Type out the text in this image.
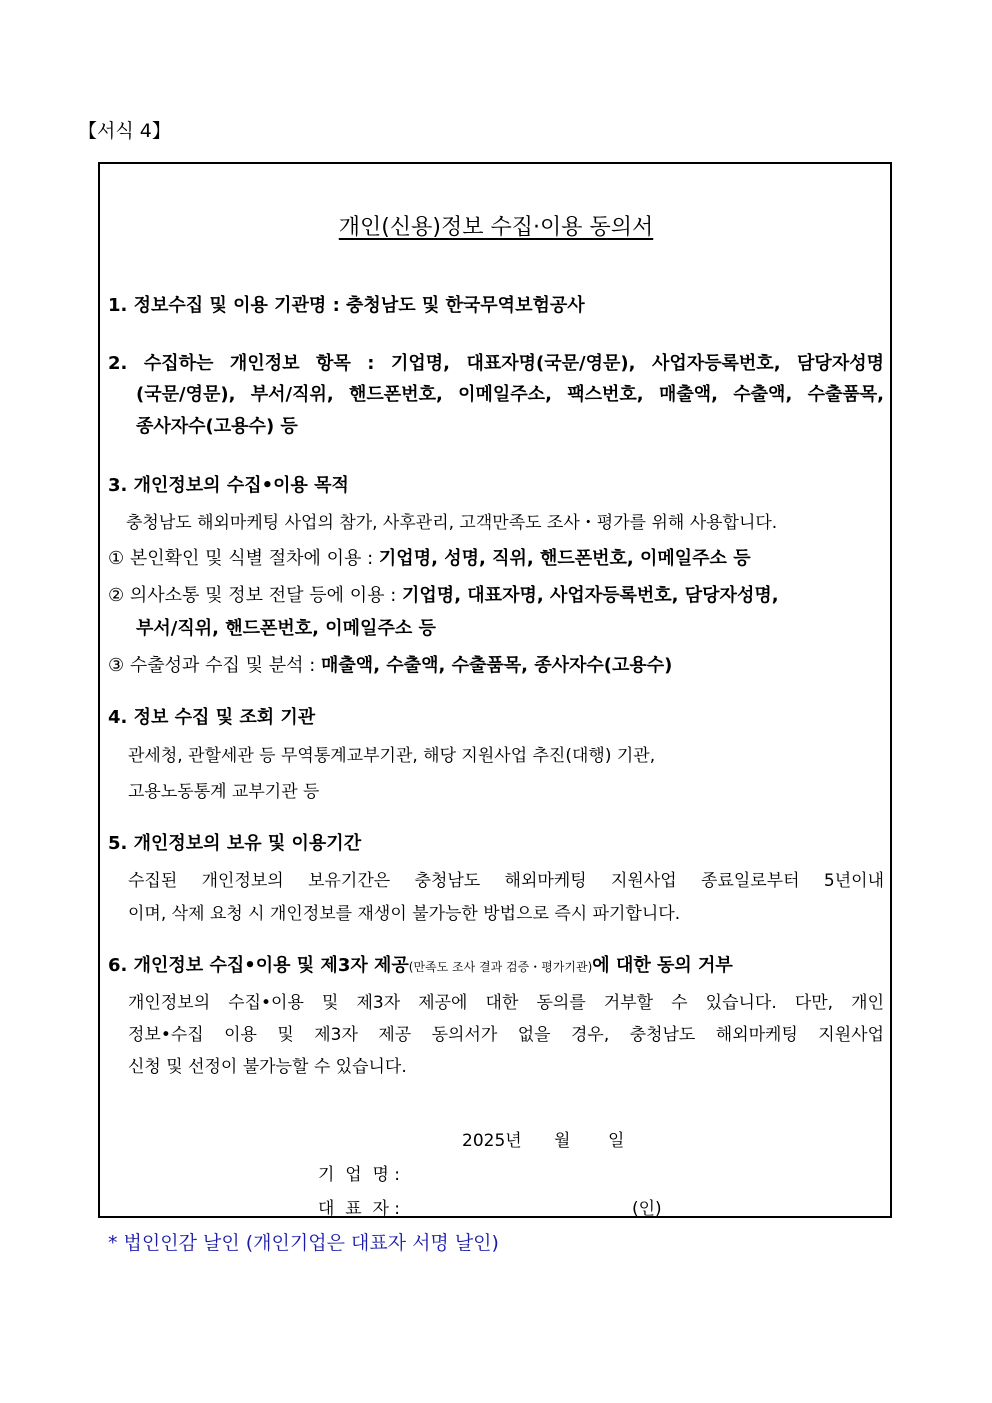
【서식 4】
개인(신용)정보 수집·이용 동의서
1. 정보수집 및 이용 기관명 : 충청남도 및 한국무역보험공사
2. 수집하는 개인정보 항목 : 기업명, 대표자명(국문/영문), 사업자등록번호, 담당자성명
(국문/영문), 부서/직위, 핸드폰번호, 이메일주소, 팩스번호, 매출액, 수출액, 수출품목,
종사자수(고용수) 등
3. 개인정보의 수집•이용 목적
충청남도 해외마케팅 사업의 참가, 사후관리, 고객만족도 조사・평가를 위해 사용합니다.
① 본인확인 및 식별 절차에 이용 : 기업명, 성명, 직위, 핸드폰번호, 이메일주소 등
② 의사소통 및 정보 전달 등에 이용 : 기업명, 대표자명, 사업자등록번호, 담당자성명,
부서/직위, 핸드폰번호, 이메일주소 등
③ 수출성과 수집 및 분석 : 매출액, 수출액, 수출품목, 종사자수(고용수)
4. 정보 수집 및 조회 기관
관세청, 관할세관 등 무역통계교부기관, 해당 지원사업 추진(대행) 기관,
고용노동통계 교부기관 등
5. 개인정보의 보유 및 이용기간
수집된 개인정보의 보유기간은 충청남도 해외마케팅 지원사업 종료일로부터 5년이내
이며, 삭제 요청 시 개인정보를 재생이 불가능한 방법으로 즉시 파기합니다.
6. 개인정보 수집•이용 및 제3자 제공(만족도 조사 결과 검증・평가기관)에 대한 동의 거부
개인정보의 수집•이용 및 제3자 제공에 대한 동의를 거부할 수 있습니다. 다만, 개인
정보•수집 이용 및 제3자 제공 동의서가 없을 경우, 충청남도 해외마케팅 지원사업
신청 및 선정이 불가능할 수 있습니다.
2025년 월 일
기  업  명 :
대  표  자 :	(인)
* 법인인감 날인 (개인기업은 대표자 서명 날인)
